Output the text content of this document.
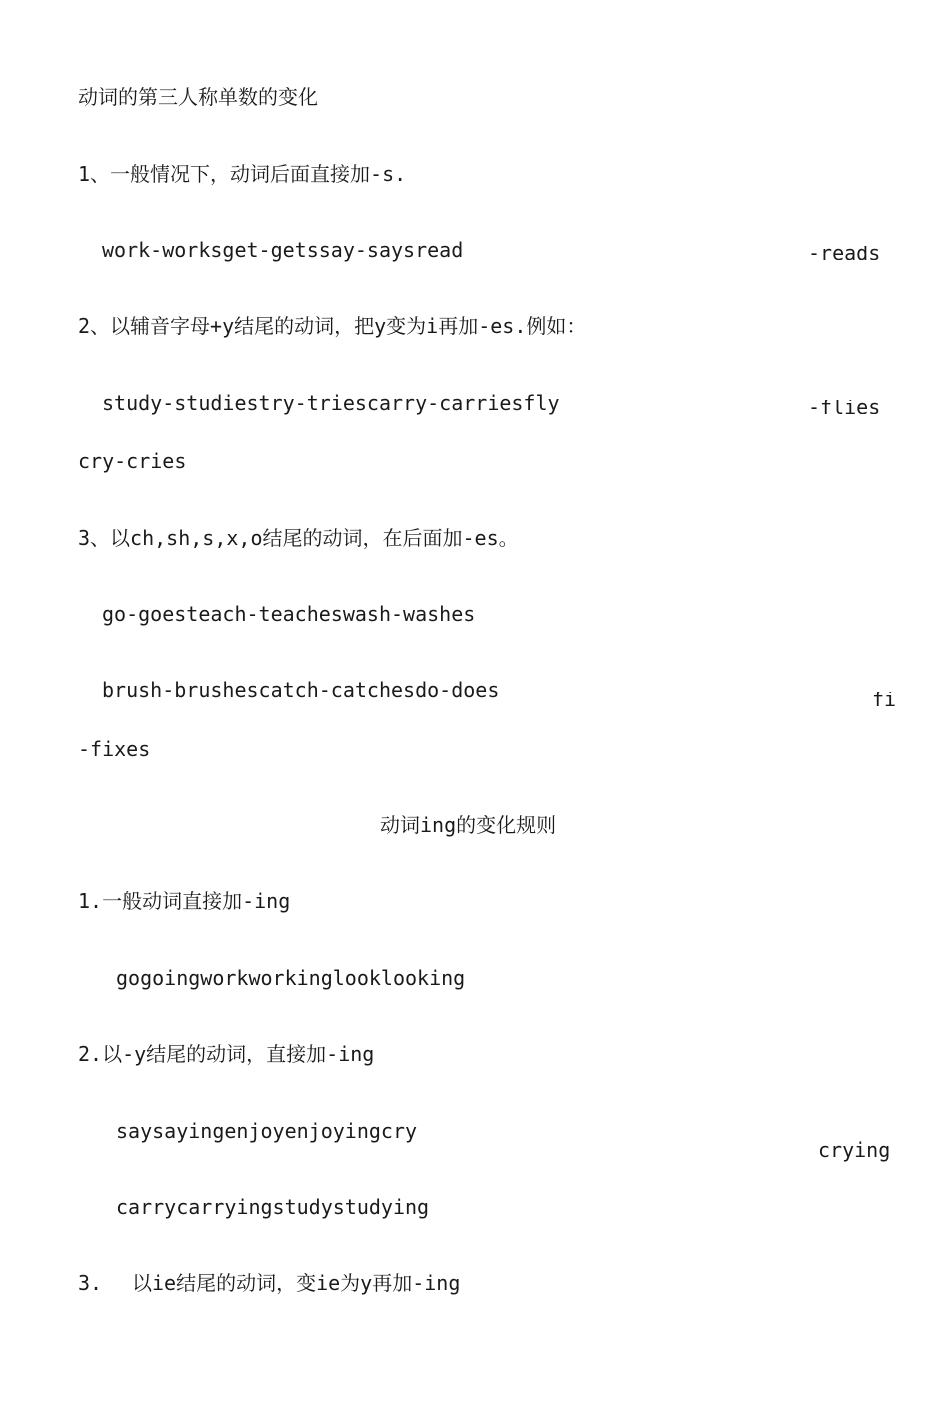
动词的第三人称单数的变化

1、一般情况下，动词后面直接加-s.

work-worksget-getssay-saysread	-reads

2、以辅音字母+y结尾的动词，把y变为i再加-es.例如：

study-studiestry-triescarry-carriesfly	-flies

cry-cries

3、以ch,sh,s,x,o结尾的动词，在后面加-es。

go-goesteach-teacheswash-washes

brush-brushescatch-catchesdo-does	fi

-fixes

动词ing的变化规则

1.一般动词直接加-ing

gogoingworkworkinglooklooking

2.以-y结尾的动词，直接加-ing

saysayingenjoyenjoyingcry

crying

carrycarryingstudystudying

3. 以ie结尾的动词，变ie为y再加-ing
